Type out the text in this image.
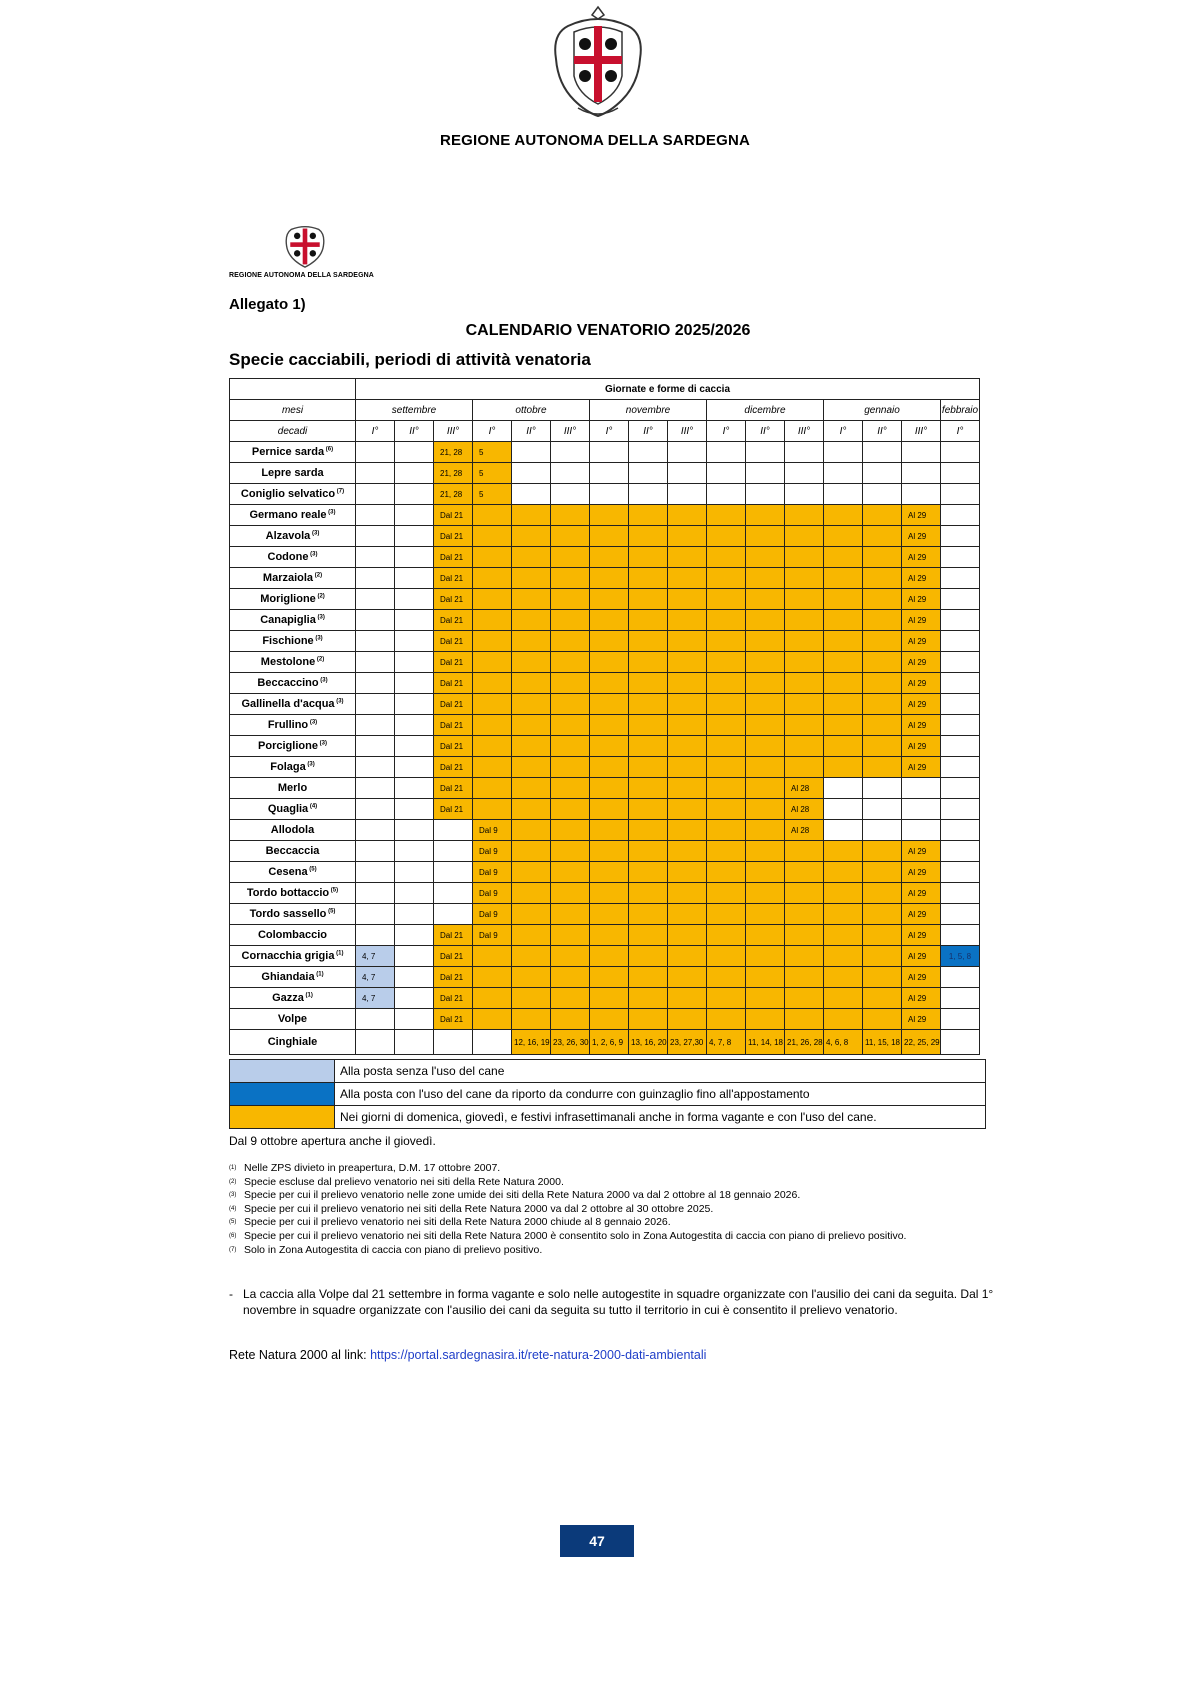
REGIONE AUTONOMA DELLA SARDEGNA
REGIONE AUTONOMA DELLA SARDEGNA
Allegato 1)
CALENDARIO VENATORIO 2025/2026
Specie cacciabili, periodi di attività venatoria
	Giornate e forme di caccia															
mesi	settembre			ottobre			novembre			dicembre			gennaio			febbraio
decadi	I°	II°	III°	I°	II°	III°	I°	II°	III°	I°	II°	III°	I°	II°	III°	I°
Pernice sarda $^{(6)}$			21, 28	5												
Lepre sarda			21, 28	5												
Coniglio selvatico $^{(7)}$			21, 28	5												
Germano reale $^{(3)}$			Dal 21												Al 29	
Alzavola $^{(3)}$			Dal 21												Al 29	
Codone $^{(3)}$			Dal 21												Al 29	
Marzaiola $^{(2)}$			Dal 21												Al 29	
Moriglione $^{(2)}$			Dal 21												Al 29	
Canapiglia $^{(3)}$			Dal 21												Al 29	
Fischione $^{(3)}$			Dal 21												Al 29	
Mestolone $^{(2)}$			Dal 21												Al 29	
Beccaccino $^{(3)}$			Dal 21												Al 29	
Gallinella d'acqua $^{(3)}$			Dal 21												Al 29	
Frullino $^{(3)}$			Dal 21												Al 29	
Porciglione $^{(3)}$			Dal 21												Al 29	
Folaga $^{(3)}$			Dal 21												Al 29	
Merlo			Dal 21									Al 28				
Quaglia $^{(4)}$			Dal 21									Al 28				
Allodola				Dal 9								Al 28				
Beccaccia				Dal 9											Al 29	
Cesena $^{(5)}$				Dal 9											Al 29	
Tordo bottaccio $^{(5)}$				Dal 9											Al 29	
Tordo sassello $^{(5)}$				Dal 9											Al 29	
Colombaccio			Dal 21	Dal 9											Al 29	
Cornacchia grigia $^{(1)}$	4, 7		Dal 21												Al 29	1, 5, 8
Ghiandaia $^{(1)}$	4, 7		Dal 21												Al 29	
Gazza $^{(1)}$	4, 7		Dal 21												Al 29	
Volpe			Dal 21												Al 29	
Cinghiale					12, 16, 19	23, 26, 30	1, 2, 6, 9	13, 16, 20	23, 27,30	4, 7, 8	11, 14, 18	21, 26, 28	4, 6, 8	11, 15, 18	22, 25, 29	
	Alla posta senza l'uso del cane
	Alla posta con l'uso del cane da riporto da condurre con guinzaglio fino all'appostamento
	Nei giorni di domenica, giovedì, e festivi infrasettimanali anche in forma vagante e con l'uso del cane.
Dal 9 ottobre apertura anche il giovedì.
(1) Nelle ZPS divieto in preapertura, D.M. 17 ottobre 2007.
(2) Specie escluse dal prelievo venatorio nei siti della Rete Natura 2000.
(3) Specie per cui il prelievo venatorio nelle zone umide dei siti della Rete Natura 2000 va dal 2 ottobre al 18 gennaio 2026.
(4) Specie per cui il prelievo venatorio nei siti della Rete Natura 2000 va dal 2 ottobre al 30 ottobre 2025.
(5) Specie per cui il prelievo venatorio nei siti della Rete Natura 2000 chiude al 8 gennaio 2026.
(6) Specie per cui il prelievo venatorio nei siti della Rete Natura 2000 è consentito solo in Zona Autogestita di caccia con piano di prelievo positivo.
(7) Solo in Zona Autogestita di caccia con piano di prelievo positivo.
- La caccia alla Volpe dal 21 settembre in forma vagante e solo nelle autogestite in squadre organizzate con l'ausilio dei cani da seguita. Dal 1° novembre in squadre organizzate con l'ausilio dei cani da seguita su tutto il territorio in cui è consentito il prelievo venatorio.
Rete Natura 2000 al link: https://portal.sardegnasira.it/rete-natura-2000-dati-ambientali
47
